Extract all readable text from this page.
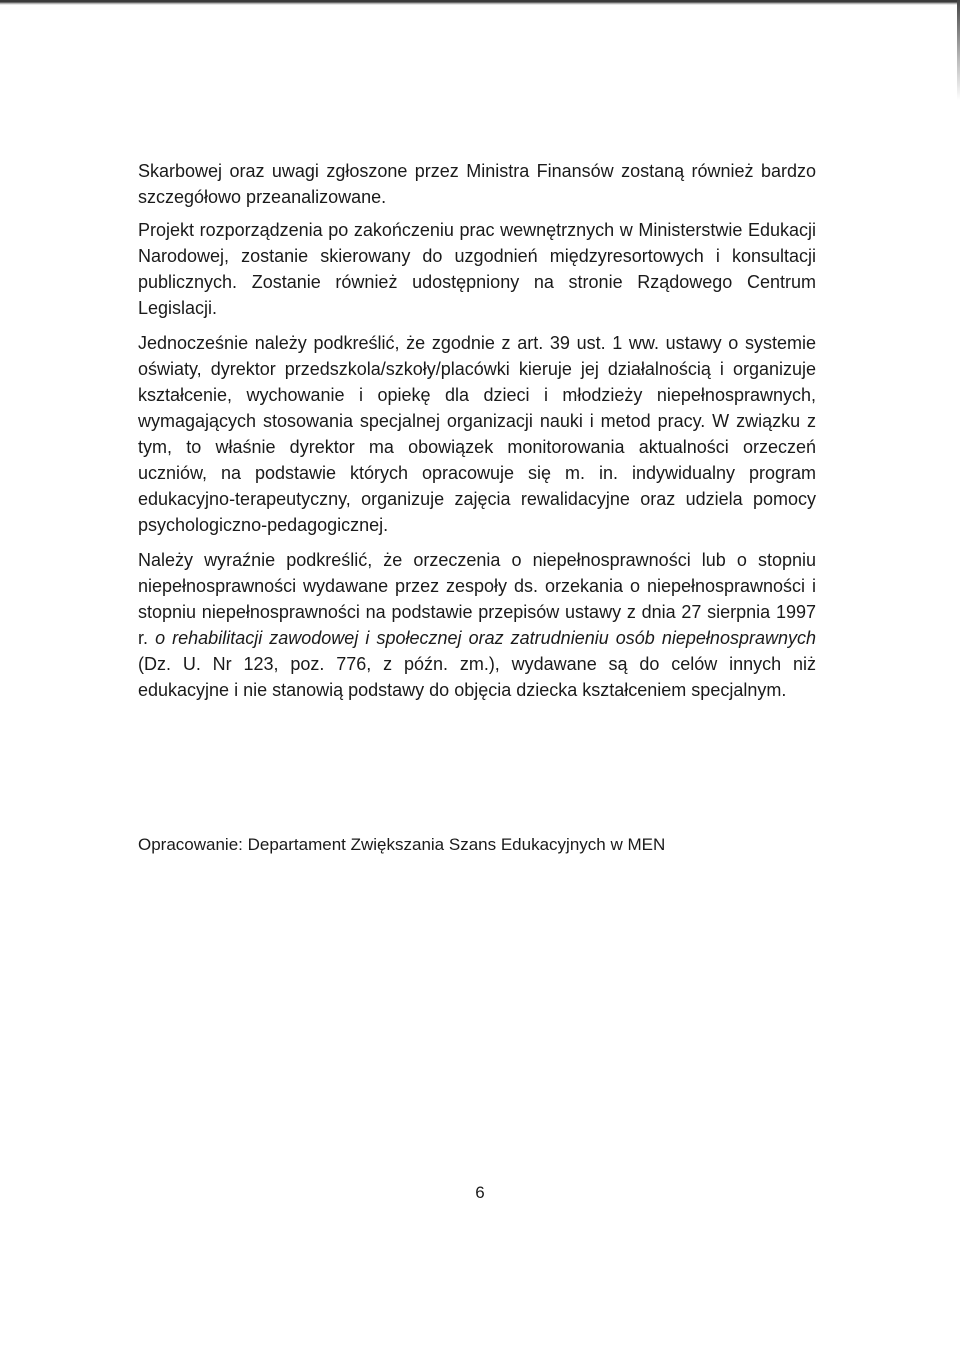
Skarbowej oraz uwagi zgłoszone przez Ministra Finansów zostaną również bardzo szczegółowo przeanalizowane.

Projekt rozporządzenia po zakończeniu prac wewnętrznych w Ministerstwie Edukacji Narodowej, zostanie skierowany do uzgodnień międzyresortowych i konsultacji publicznych. Zostanie również udostępniony na stronie Rządowego Centrum Legislacji.

Jednocześnie należy podkreślić, że zgodnie z art. 39 ust. 1 ww. ustawy o systemie oświaty, dyrektor przedszkola/szkoły/placówki kieruje jej działalnością i organizuje kształcenie, wychowanie i opiekę dla dzieci i młodzieży niepełnosprawnych, wymagających stosowania specjalnej organizacji nauki i metod pracy. W związku z tym, to właśnie dyrektor ma obowiązek monitorowania aktualności orzeczeń uczniów, na podstawie których opracowuje się m. in. indywidualny program edukacyjno-terapeutyczny, organizuje zajęcia rewalidacyjne oraz udziela pomocy psychologiczno-pedagogicznej.

Należy wyraźnie podkreślić, że orzeczenia o niepełnosprawności lub o stopniu niepełnosprawności wydawane przez zespoły ds. orzekania o niepełnosprawności i stopniu niepełnosprawności na podstawie przepisów ustawy z dnia 27 sierpnia 1997 r. o rehabilitacji zawodowej i społecznej oraz zatrudnieniu osób niepełnosprawnych (Dz. U. Nr 123, poz. 776, z późn. zm.), wydawane są do celów innych niż edukacyjne i nie stanowią podstawy do objęcia dziecka kształceniem specjalnym.

Opracowanie: Departament Zwiększania Szans Edukacyjnych w MEN

6
